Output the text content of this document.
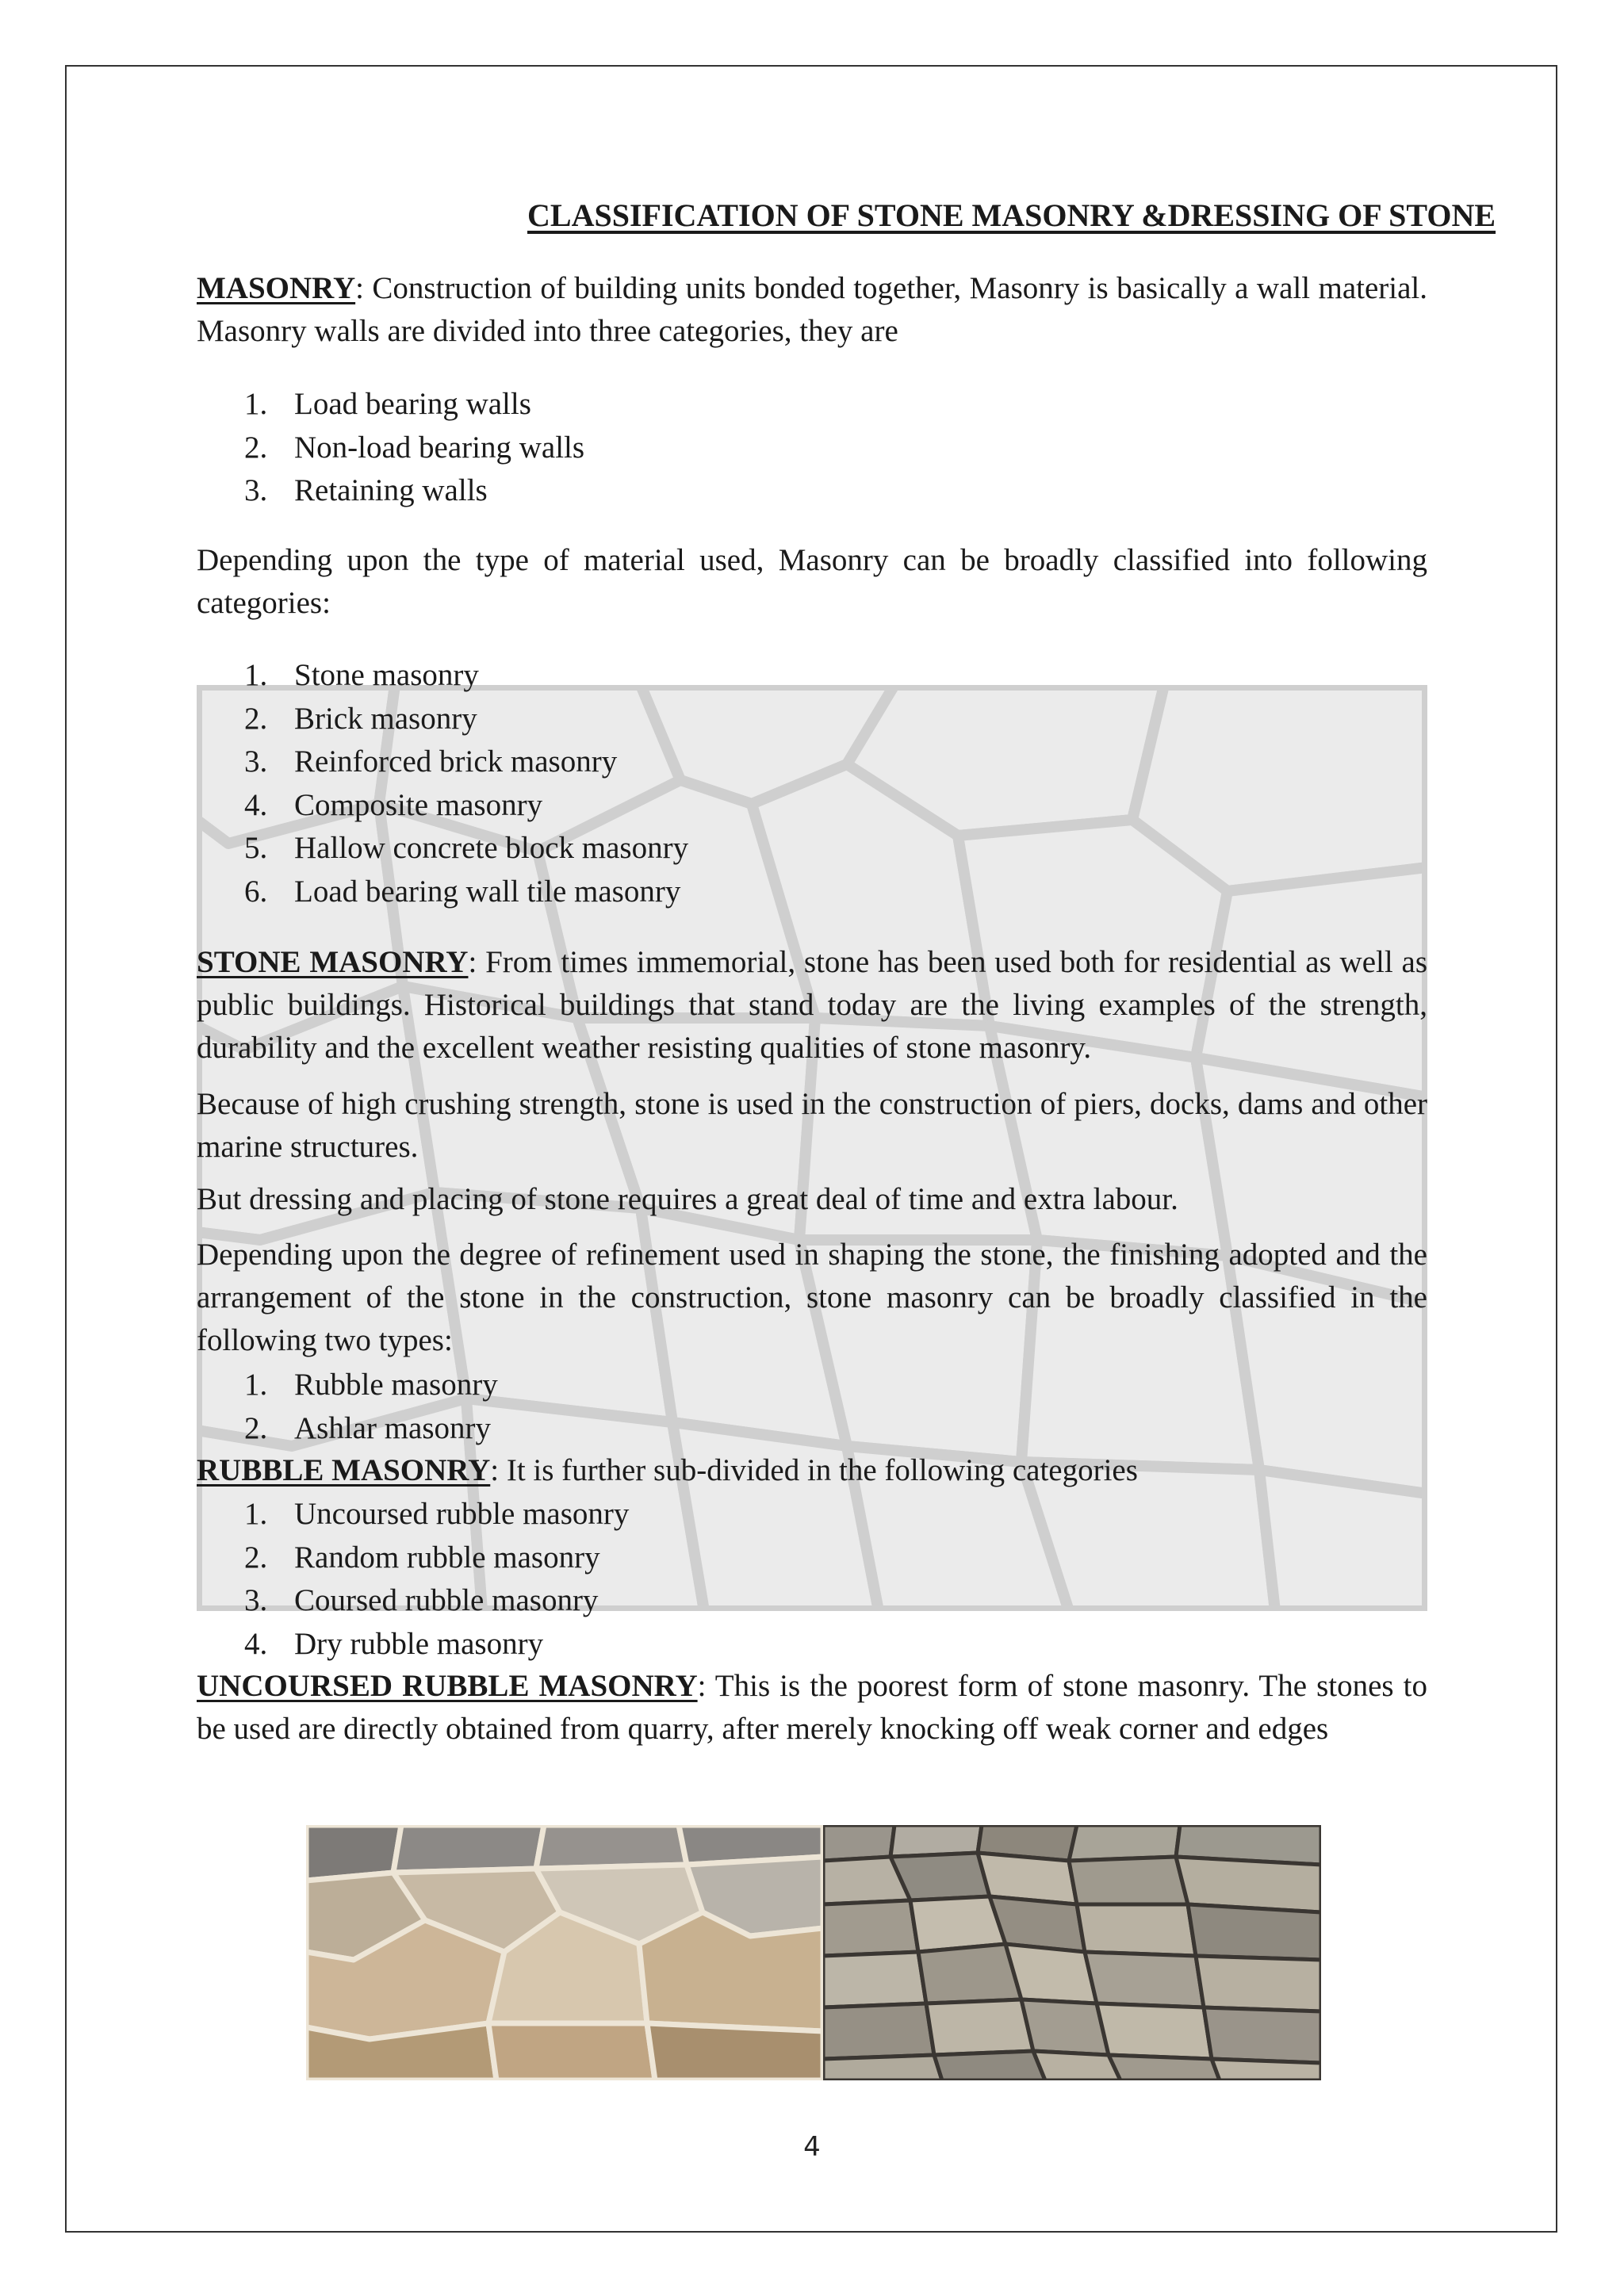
CLASSIFICATION OF STONE MASONRY &DRESSING OF STONE

MASONRY: Construction of building units bonded together, Masonry is basically a wall material. Masonry walls are divided into three categories, they are

1. Load bearing walls
2. Non-load bearing walls
3. Retaining walls

Depending upon the type of material used, Masonry can be broadly classified into following categories:

1. Stone masonry
2. Brick masonry
3. Reinforced brick masonry
4. Composite masonry
5. Hallow concrete block masonry
6. Load bearing wall tile masonry

STONE MASONRY: From times immemorial, stone has been used both for residential as well as public buildings. Historical buildings that stand today are the living examples of the strength, durability and the excellent weather resisting qualities of stone masonry.

Because of high crushing strength, stone is used in the construction of piers, docks, dams and other marine structures.

But dressing and placing of stone requires a great deal of time and extra labour.

Depending upon the degree of refinement used in shaping the stone, the finishing adopted and the arrangement of the stone in the construction, stone masonry can be broadly classified in the following two types:

1. Rubble masonry
2. Ashlar masonry

RUBBLE MASONRY: It is further sub-divided in the following categories

1. Uncoursed rubble masonry
2. Random rubble masonry
3. Coursed rubble masonry
4. Dry rubble masonry

UNCOURSED RUBBLE MASONRY: This is the poorest form of stone masonry. The stones to be used are directly obtained from quarry, after merely knocking off weak corner and edges

4
